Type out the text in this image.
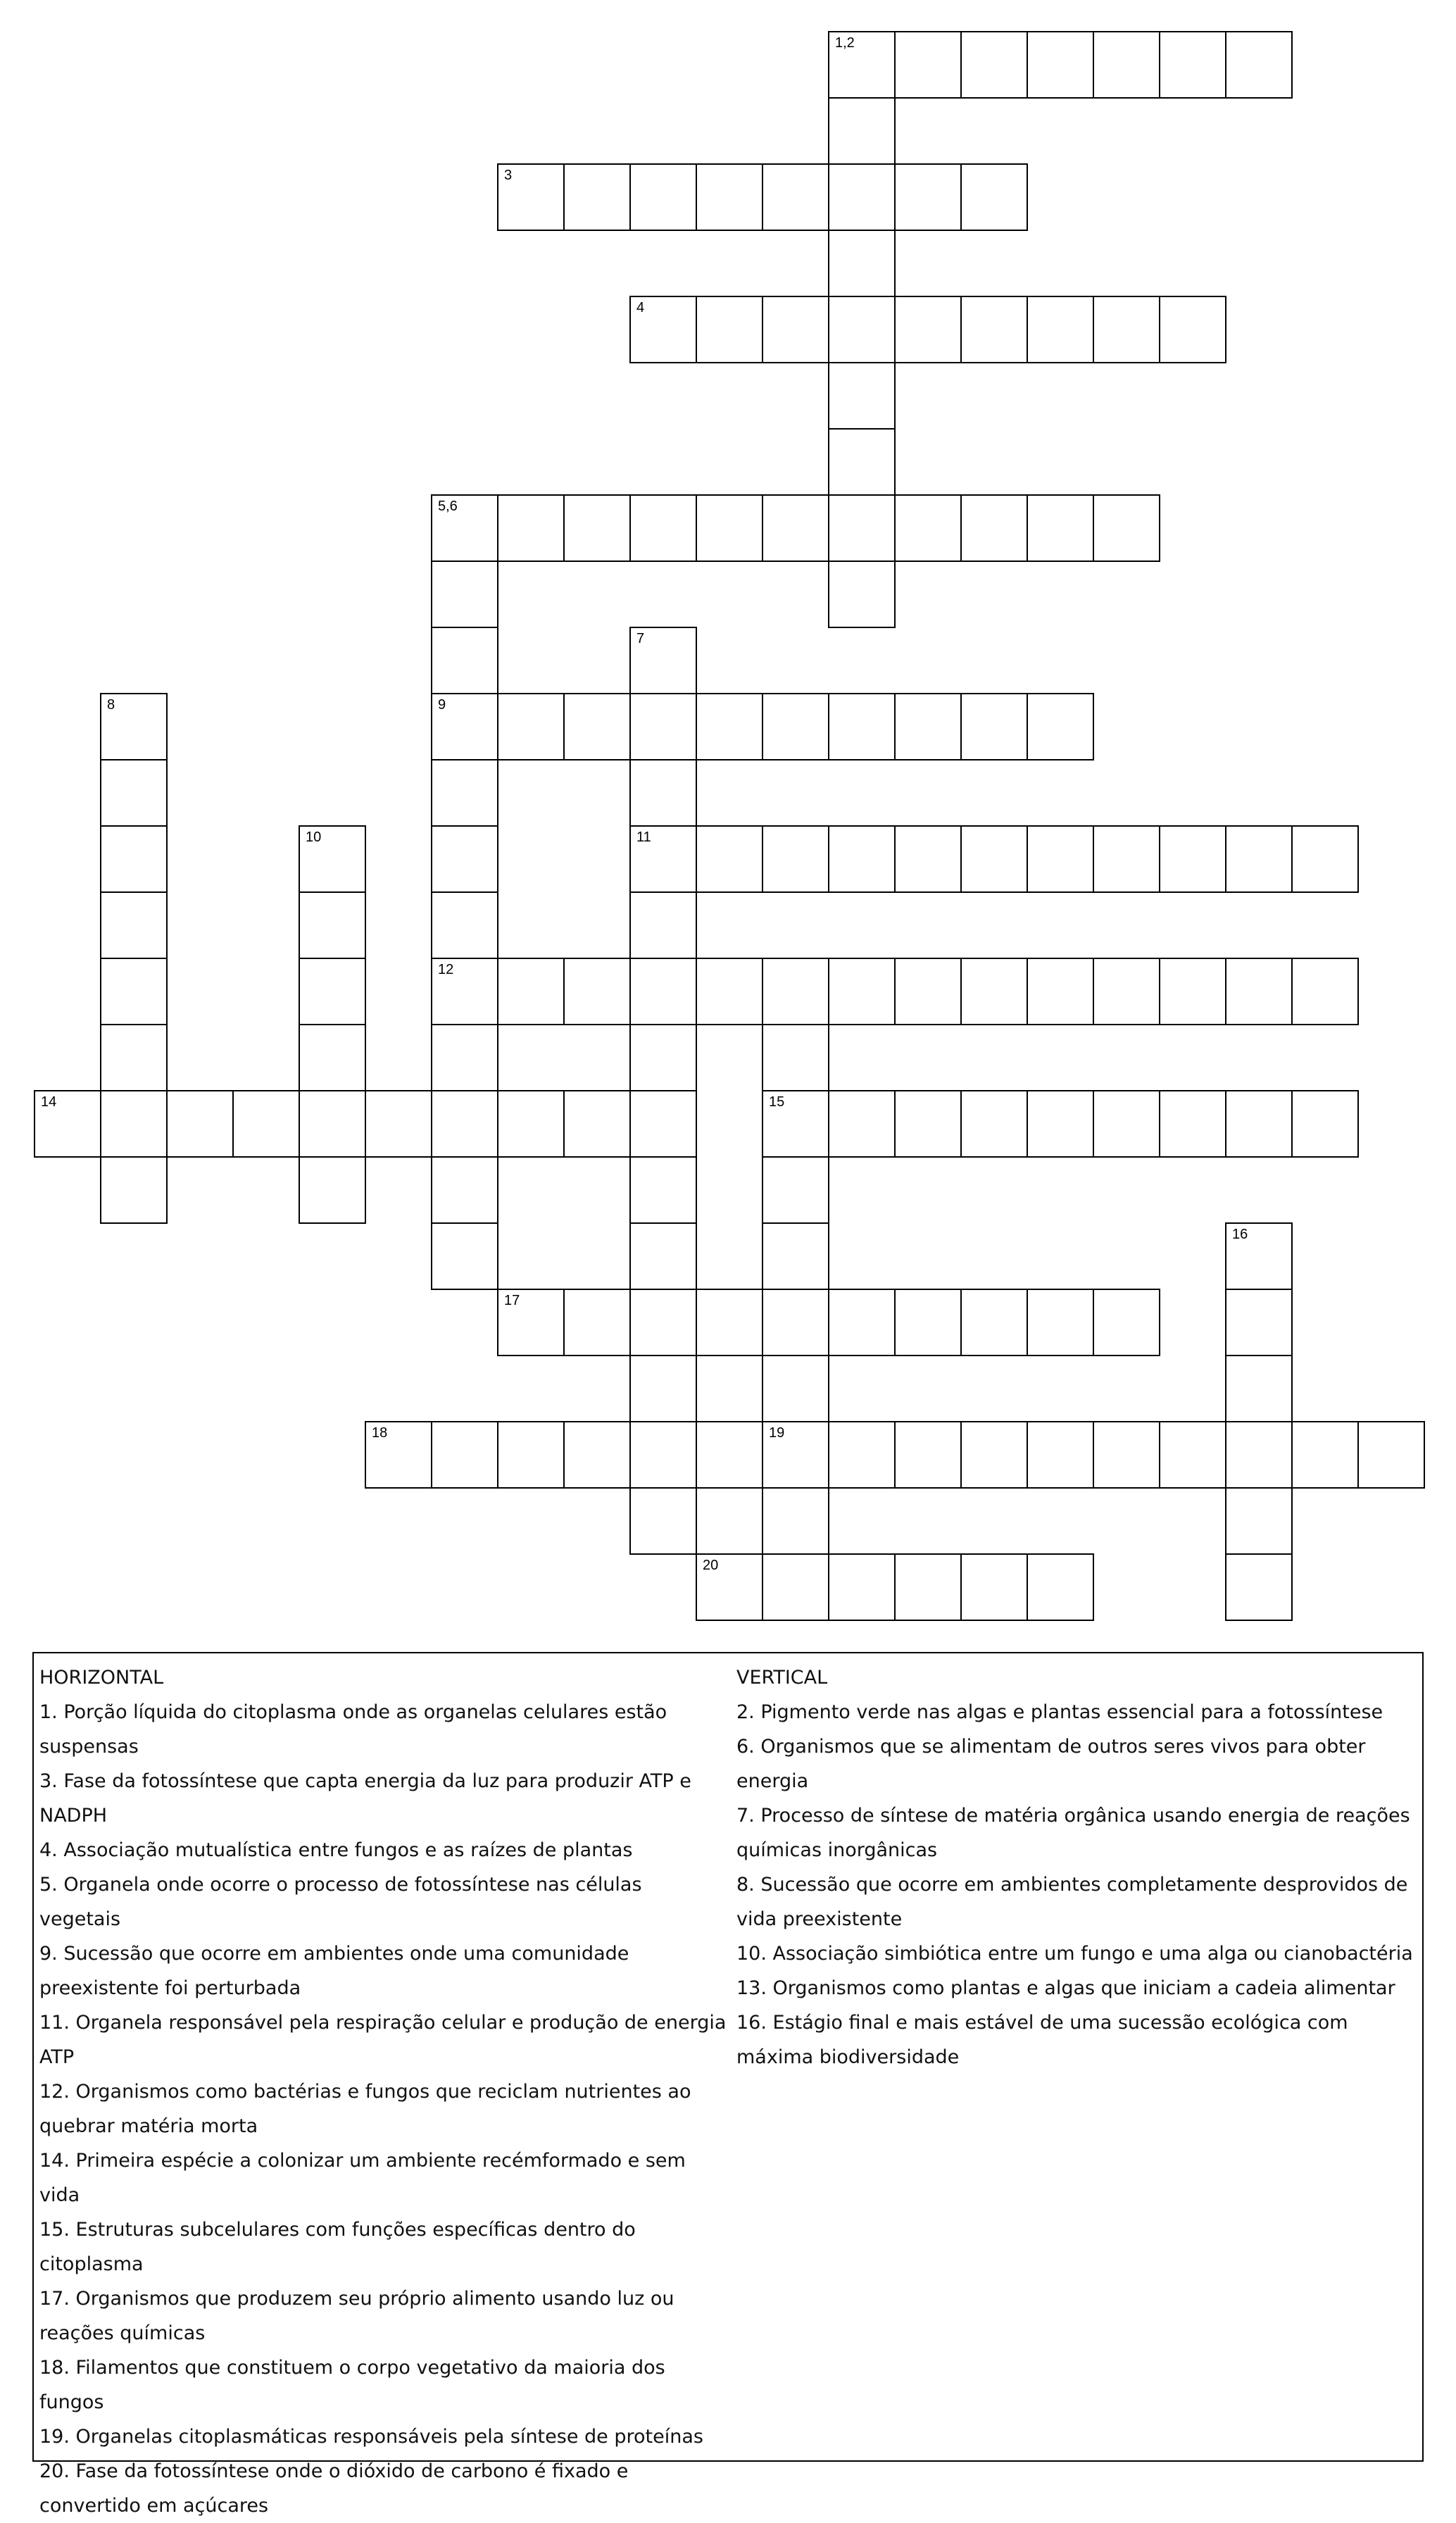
1,2
3
4
5,6
9
11
12
14	15
17
18	19
20
7
8
10
16
HORIZONTAL
1. Porção líquida do citoplasma onde as organelas celulares estão suspensas
3. Fase da fotossíntese que capta energia da luz para produzir ATP e NADPH
4. Associação mutualística entre fungos e as raízes de plantas
5. Organela onde ocorre o processo de fotossíntese nas células vegetais
9. Sucessão que ocorre em ambientes onde uma comunidade preexistente foi perturbada
11. Organela responsável pela respiração celular e produção de energia ATP
12. Organismos como bactérias e fungos que reciclam nutrientes ao quebrar matéria morta
14. Primeira espécie a colonizar um ambiente recémformado e sem vida
15. Estruturas subcelulares com funções específicas dentro do citoplasma
17. Organismos que produzem seu próprio alimento usando luz ou reações químicas
18. Filamentos que constituem o corpo vegetativo da maioria dos fungos
19. Organelas citoplasmáticas responsáveis pela síntese de proteínas
20. Fase da fotossíntese onde o dióxido de carbono é fixado e convertido em açúcares
VERTICAL
2. Pigmento verde nas algas e plantas essencial para a fotossíntese
6. Organismos que se alimentam de outros seres vivos para obter energia
7. Processo de síntese de matéria orgânica usando energia de reações químicas inorgânicas
8. Sucessão que ocorre em ambientes completamente desprovidos de vida preexistente
10. Associação simbiótica entre um fungo e uma alga ou cianobactéria
13. Organismos como plantas e algas que iniciam a cadeia alimentar
16. Estágio final e mais estável de uma sucessão ecológica com máxima biodiversidade
